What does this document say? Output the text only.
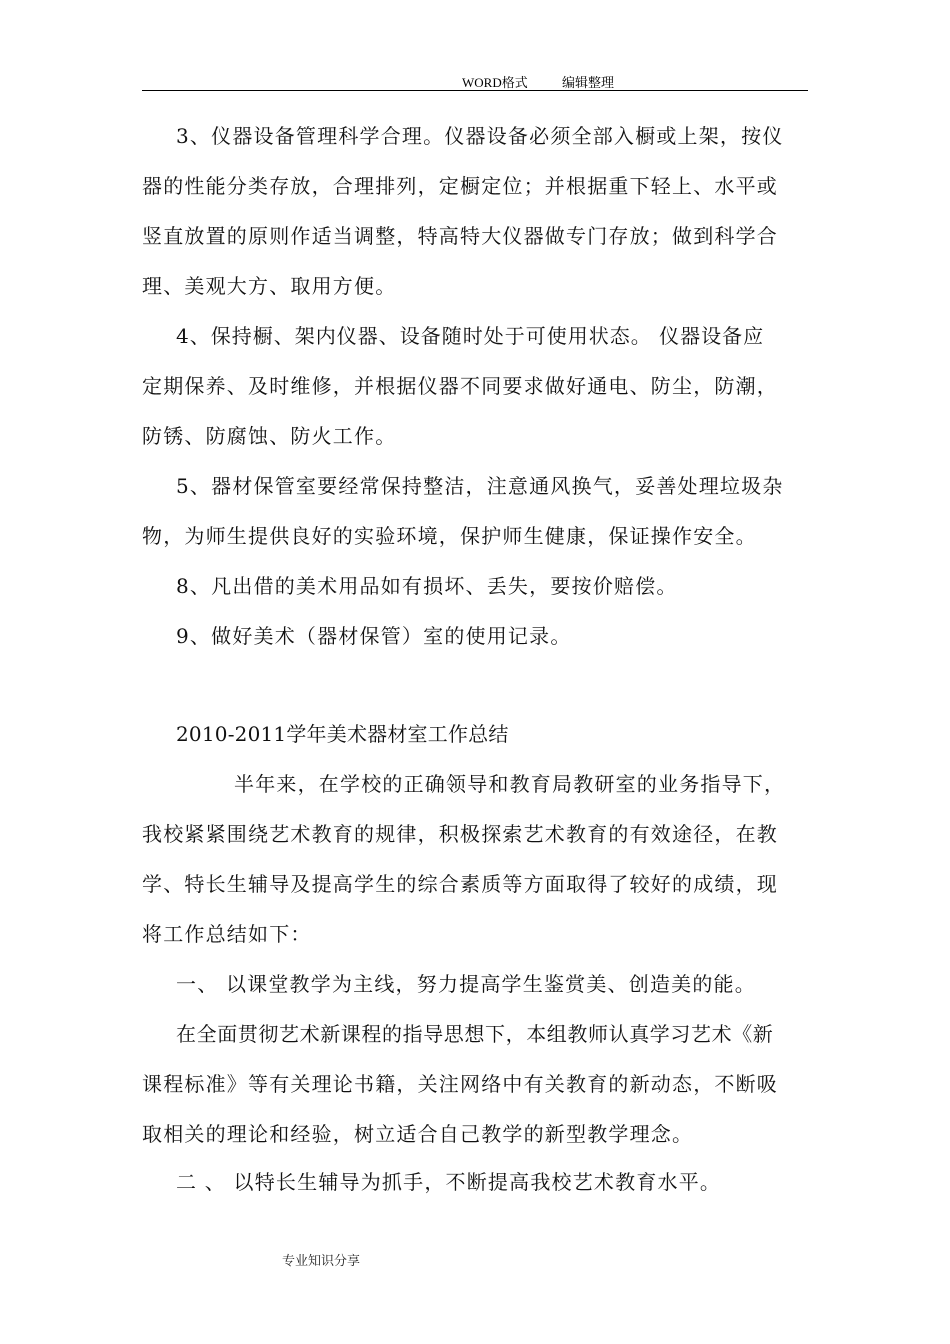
WORD格式	编辑整理
3、仪器设备管理科学合理。仪器设备必须全部入橱或上架，按仪
器的性能分类存放，合理排列，定橱定位；并根据重下轻上、水平或
竖直放置的原则作适当调整，特高特大仪器做专门存放；做到科学合
理、美观大方、取用方便。
4、保持橱、架内仪器、设备随时处于可使用状态。 仪器设备应
定期保养、及时维修，并根据仪器不同要求做好通电、防尘，防潮，
防锈、防腐蚀、防火工作。
5、器材保管室要经常保持整洁，注意通风换气，妥善处理垃圾杂
物，为师生提供良好的实验环境，保护师生健康，保证操作安全。
8、凡出借的美术用品如有损坏、丢失，要按价赔偿。
9、做好美术（器材保管）室的使用记录。
2010-2011学年美术器材室工作总结
半年来，在学校的正确领导和教育局教研室的业务指导下，
我校紧紧围绕艺术教育的规律，积极探索艺术教育的有效途径，在教
学、特长生辅导及提高学生的综合素质等方面取得了较好的成绩，现
将工作总结如下：
一、 以课堂教学为主线，努力提高学生鉴赏美、创造美的能。
在全面贯彻艺术新课程的指导思想下，本组教师认真学习艺术《新
课程标准》等有关理论书籍，关注网络中有关教育的新动态，不断吸
取相关的理论和经验，树立适合自己教学的新型教学理念。
二 、 以特长生辅导为抓手，不断提高我校艺术教育水平。
专业知识分享
